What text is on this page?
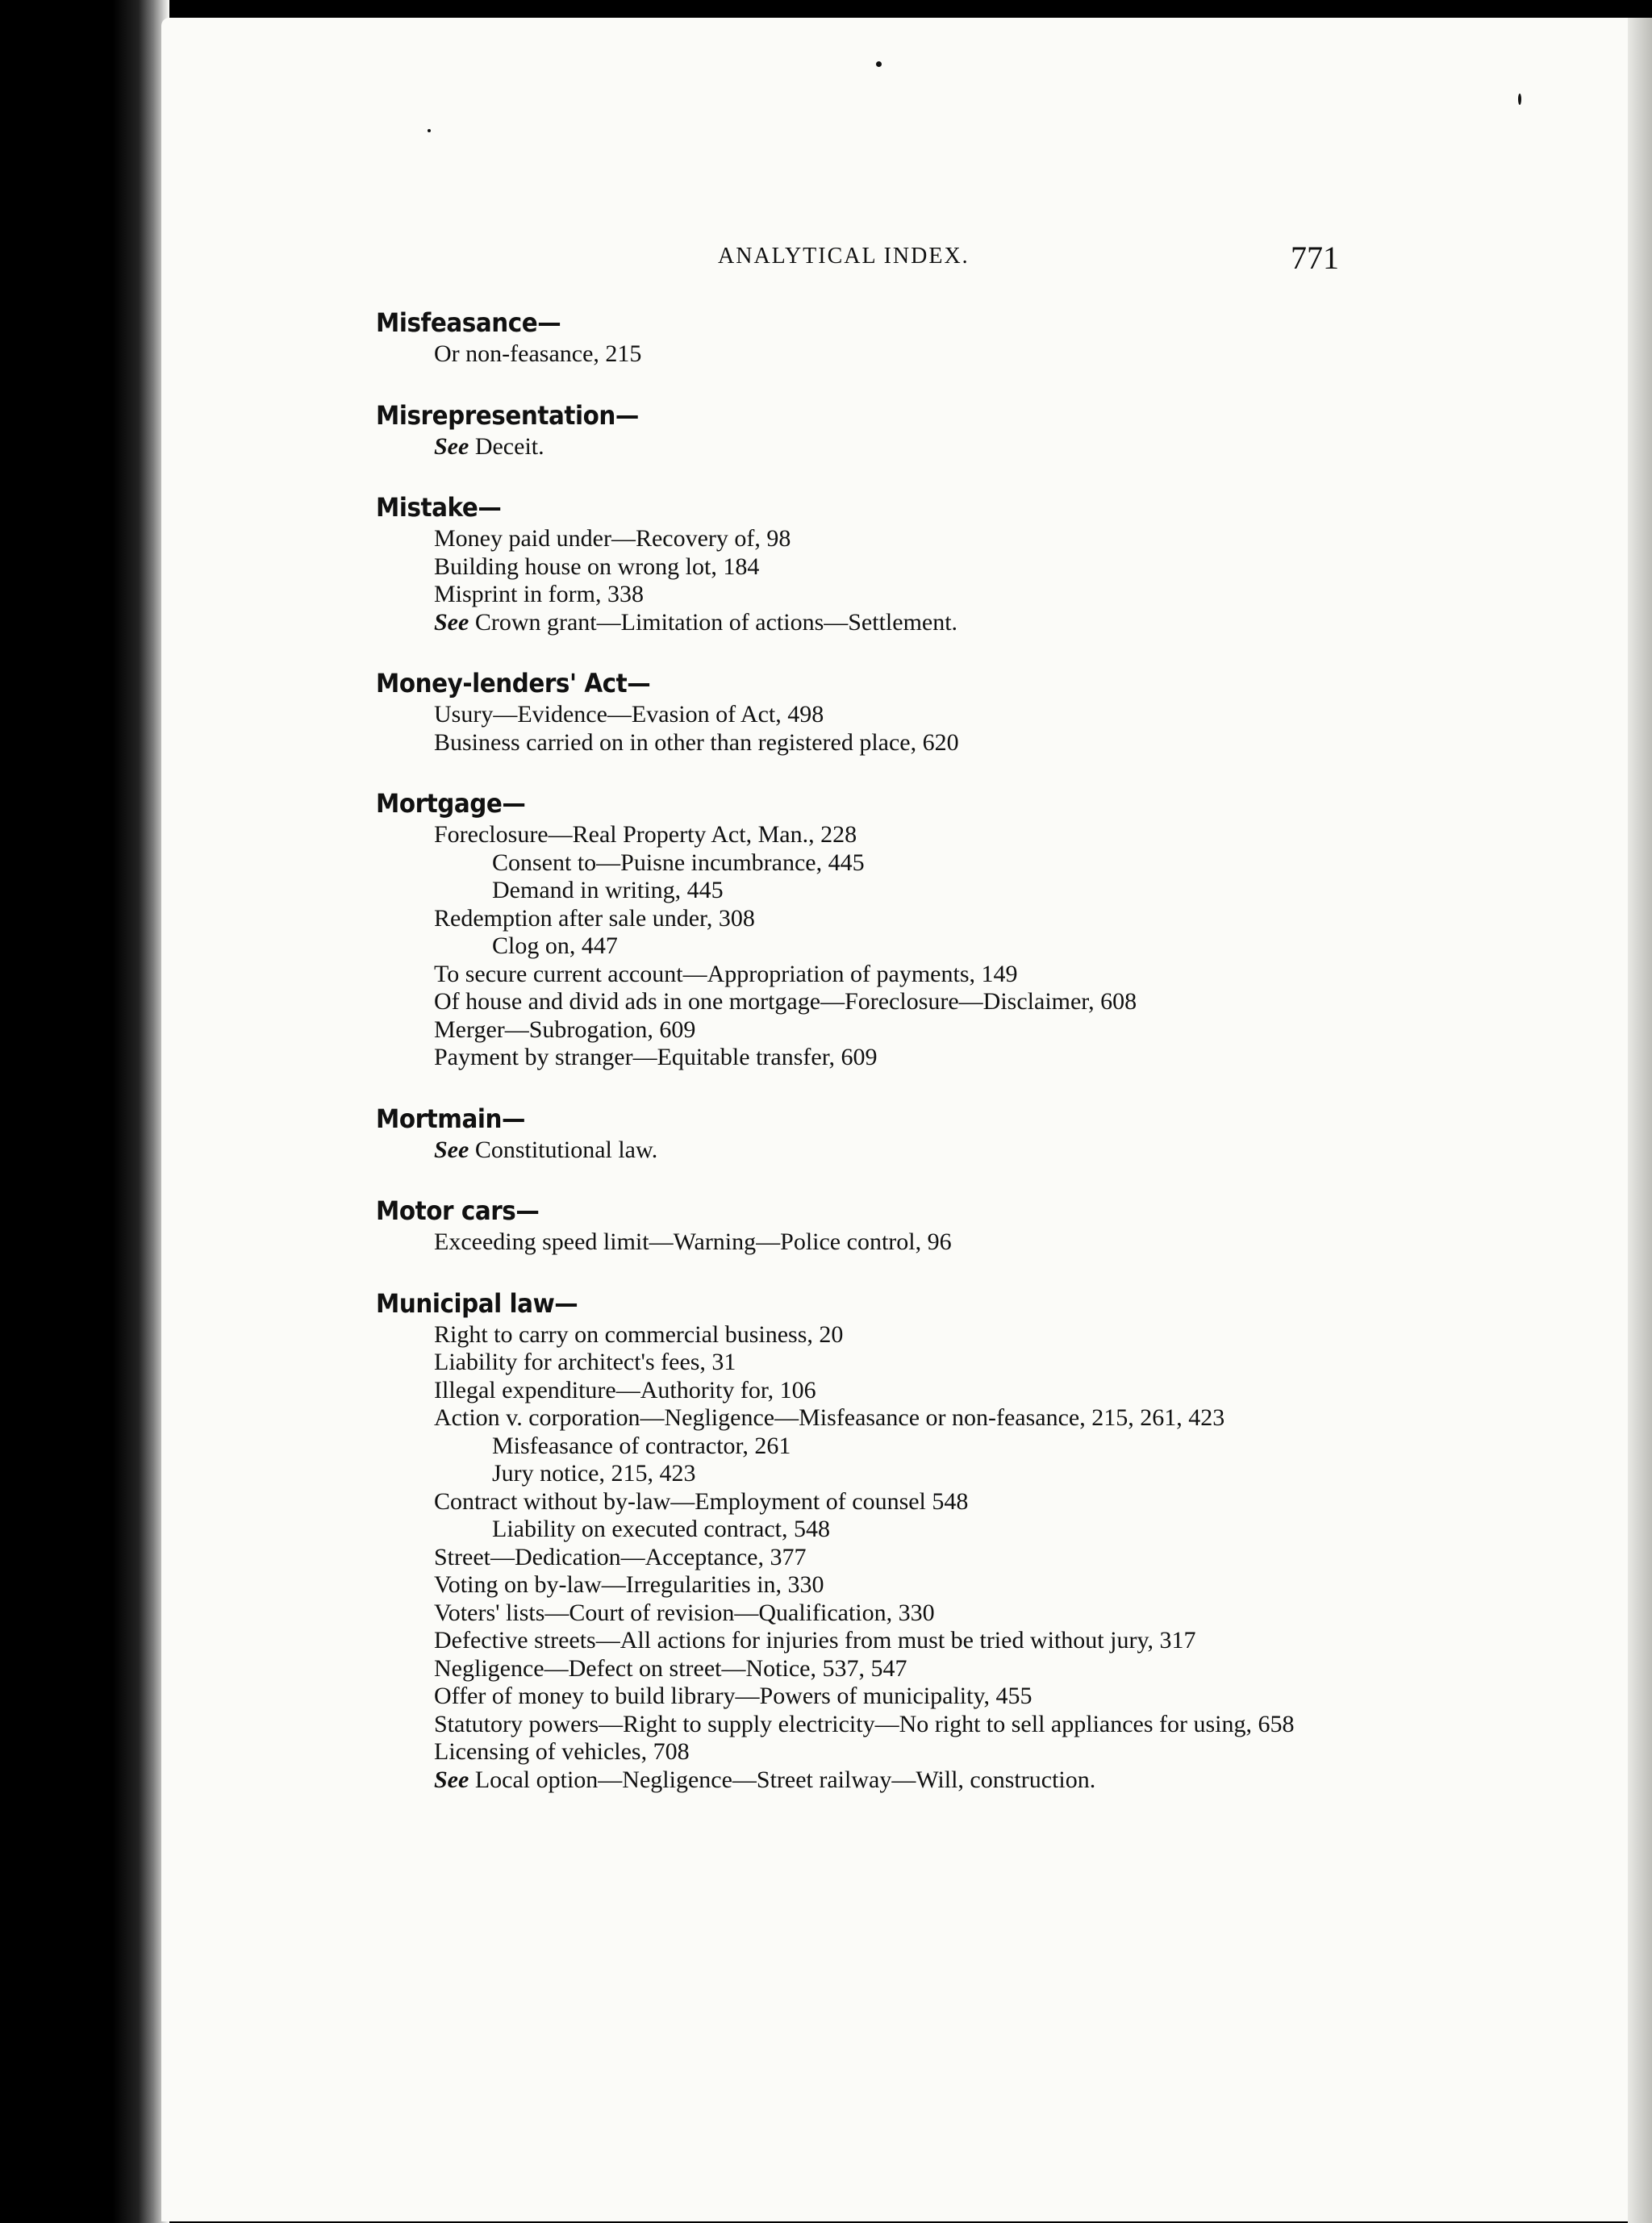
ANALYTICAL INDEX.	771
Misfeasance—
Or non-feasance, 215
Misrepresentation—
See Deceit.
Mistake—
Money paid under—Recovery of, 98
Building house on wrong lot, 184
Misprint in form, 338
See Crown grant—Limitation of actions—Settlement.
Money-lenders' Act—
Usury—Evidence—Evasion of Act, 498
Business carried on in other than registered place, 620
Mortgage—
Foreclosure—Real Property Act, Man., 228
Consent to—Puisne incumbrance, 445
Demand in writing, 445
Redemption after sale under, 308
Clog on, 447
To secure current account—Appropriation of payments, 149
Of house and divid ads in one mortgage—Foreclosure—Disclaimer, 608
Merger—Subrogation, 609
Payment by stranger—Equitable transfer, 609
Mortmain—
See Constitutional law.
Motor cars—
Exceeding speed limit—Warning—Police control, 96
Municipal law—
Right to carry on commercial business, 20
Liability for architect's fees, 31
Illegal expenditure—Authority for, 106
Action v. corporation—Negligence—Misfeasance or non-feasance, 215, 261, 423
Misfeasance of contractor, 261
Jury notice, 215, 423
Contract without by-law—Employment of counsel 548
Liability on executed contract, 548
Street—Dedication—Acceptance, 377
Voting on by-law—Irregularities in, 330
Voters' lists—Court of revision—Qualification, 330
Defective streets—All actions for injuries from must be tried without jury, 317
Negligence—Defect on street—Notice, 537, 547
Offer of money to build library—Powers of municipality, 455
Statutory powers—Right to supply electricity—No right to sell appliances for using, 658
Licensing of vehicles, 708
See Local option—Negligence—Street railway—Will, construction.
